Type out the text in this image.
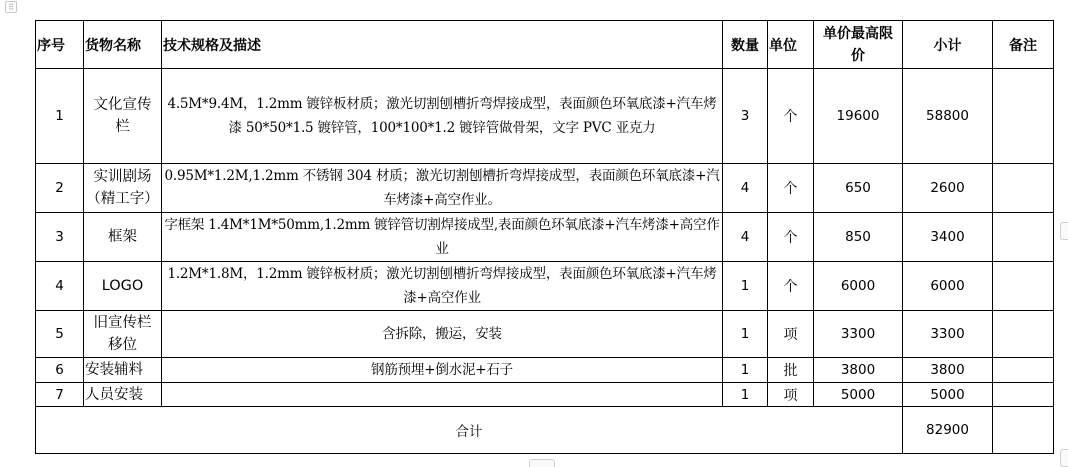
⠿
序号	货物名称	技术规格及描述	数量	单位	单价最高限价	小计	备注
1	文化宣传栏	4.5M*9.4M，1.2mm 镀锌板材质；激光切割刨槽折弯焊接成型，表面颜色环氧底漆+汽车烤漆 50*50*1.5 镀锌管，100*100*1.2 镀锌管做骨架，文字 PVC 亚克力	3	个	19600	58800	
2	实训剧场（精工字）	0.95M*1.2M,1.2mm 不锈钢 304 材质；激光切割刨槽折弯焊接成型，表面颜色环氧底漆+汽车烤漆+高空作业。	4	个	650	2600	
3	框架	字框架 1.4M*1M*50mm,1.2mm 镀锌管切割焊接成型,表面颜色环氧底漆+汽车烤漆+高空作业	4	个	850	3400	
4	LOGO	1.2M*1.8M，1.2mm 镀锌板材质；激光切割刨槽折弯焊接成型，表面颜色环氧底漆+汽车烤漆+高空作业	1	个	6000	6000	
5	旧宣传栏移位	含拆除，搬运，安装	1	项	3300	3300	
6	安装辅料	钢筋预埋+倒水泥+石子	1	批	3800	3800	
7	人员安装		1	项	5000	5000	
合计						82900	
